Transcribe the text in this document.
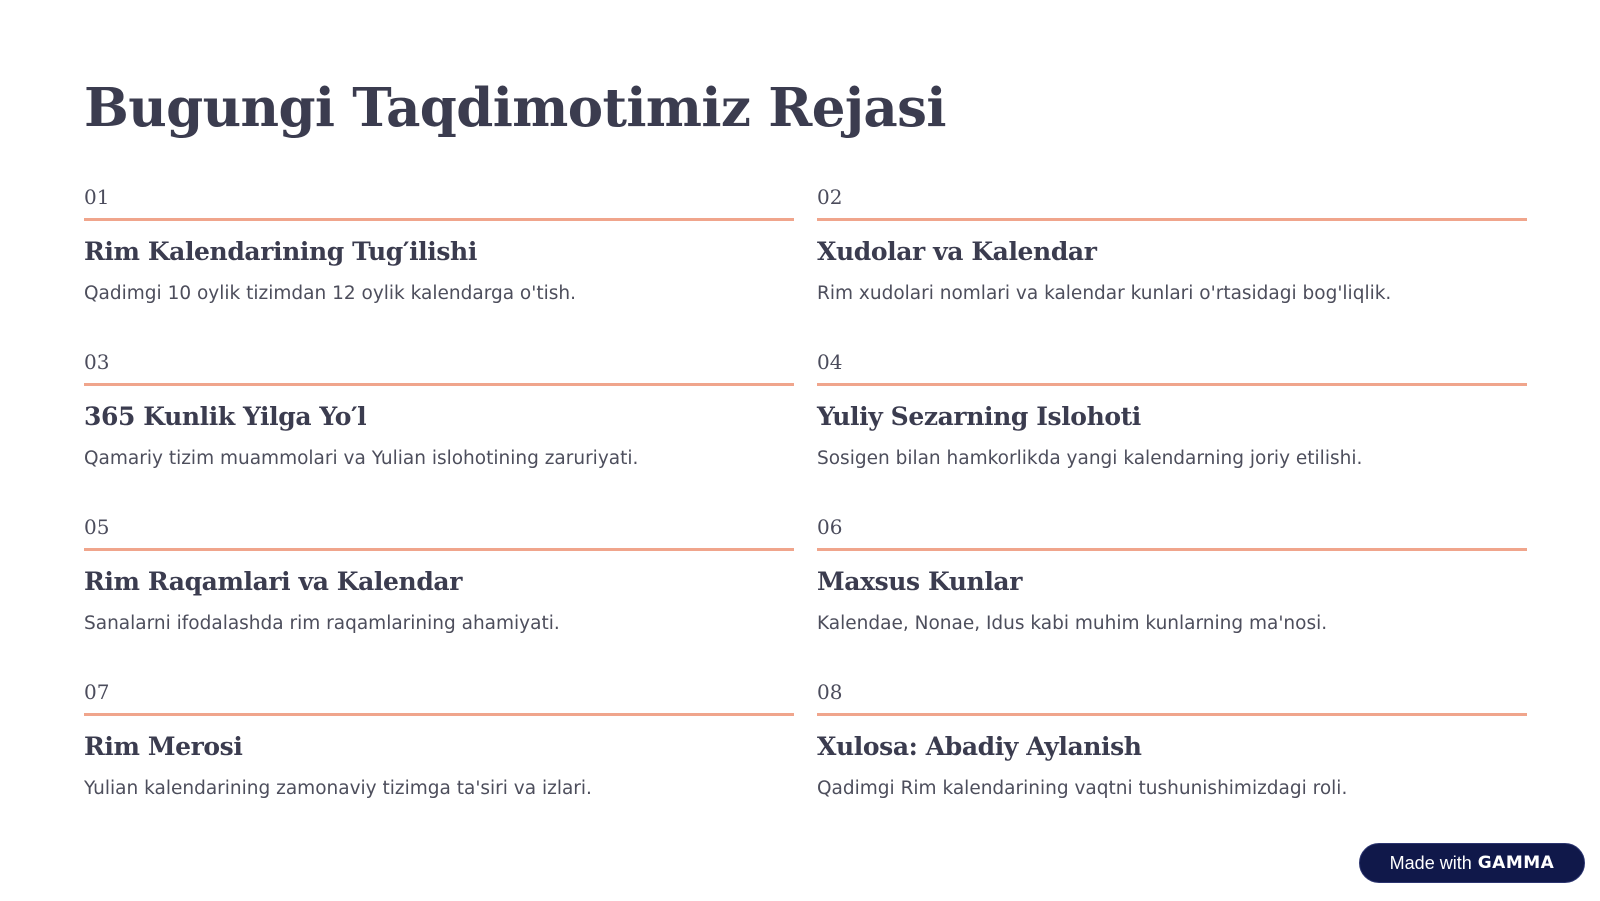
Bugungi Taqdimotimiz Rejasi
01
Rim Kalendarining Tug′ilishi
Qadimgi 10 oylik tizimdan 12 oylik kalendarga o'tish.
02
Xudolar va Kalendar
Rim xudolari nomlari va kalendar kunlari o'rtasidagi bog'liqlik.
03
365 Kunlik Yilga Yo′l
Qamariy tizim muammolari va Yulian islohotining zaruriyati.
04
Yuliy Sezarning Islohoti
Sosigen bilan hamkorlikda yangi kalendarning joriy etilishi.
05
Rim Raqamlari va Kalendar
Sanalarni ifodalashda rim raqamlarining ahamiyati.
06
Maxsus Kunlar
Kalendae, Nonae, Idus kabi muhim kunlarning ma'nosi.
07
Rim Merosi
Yulian kalendarining zamonaviy tizimga ta'siri va izlari.
08
Xulosa: Abadiy Aylanish
Qadimgi Rim kalendarining vaqtni tushunishimizdagi roli.
Made with GAMMA
